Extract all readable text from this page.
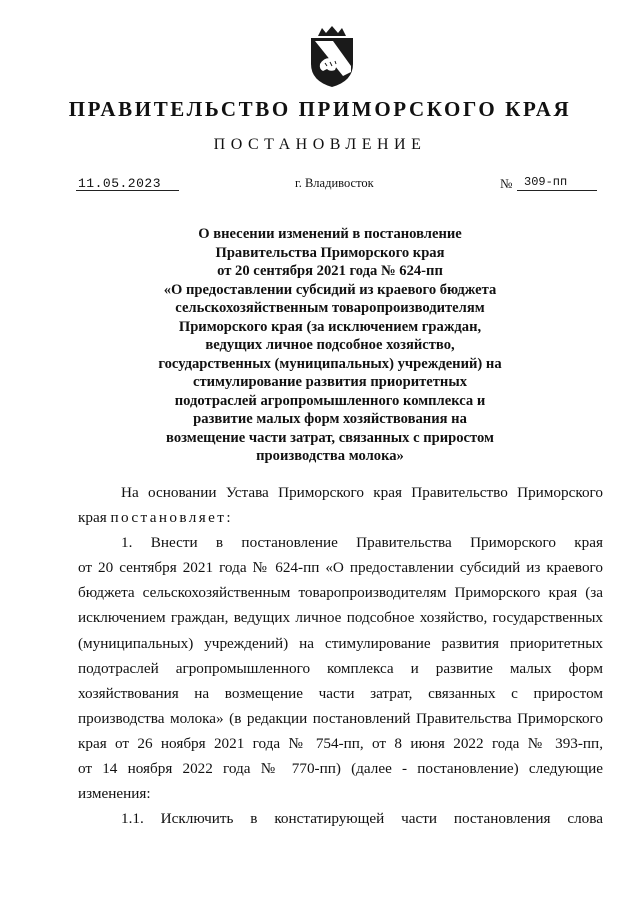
ПРАВИТЕЛЬСТВО ПРИМОРСКОГО КРАЯ
ПОСТАНОВЛЕНИЕ
11.05.2023	г. Владивосток	№ 309-пп
О внесении изменений в постановление
Правительства Приморского края
от 20 сентября 2021 года № 624-пп
«О предоставлении субсидий из краевого бюджета
сельскохозяйственным товаропроизводителям
Приморского края (за исключением граждан,
ведущих личное подсобное хозяйство,
государственных (муниципальных) учреждений) на
стимулирование развития приоритетных
подотраслей агропромышленного комплекса и
развитие малых форм хозяйствования на
возмещение части затрат, связанных с приростом
производства молока»
На основании Устава Приморского края Правительство Приморского
края постановляет:
1. Внести в постановление Правительства Приморского края
от 20 сентября 2021 года № 624-пп «О предоставлении субсидий из краевого
бюджета сельскохозяйственным товаропроизводителям Приморского края (за
исключением граждан, ведущих личное подсобное хозяйство, государственных
(муниципальных) учреждений) на стимулирование развития приоритетных
подотраслей агропромышленного комплекса и развитие малых форм
хозяйствования на возмещение части затрат, связанных с приростом
производства молока» (в редакции постановлений Правительства Приморского
края от 26 ноября 2021 года № 754-пп, от 8 июня 2022 года № 393-пп,
от 14 ноября 2022 года № 770-пп) (далее - постановление) следующие
изменения:
1.1. Исключить в констатирующей части постановления слова
